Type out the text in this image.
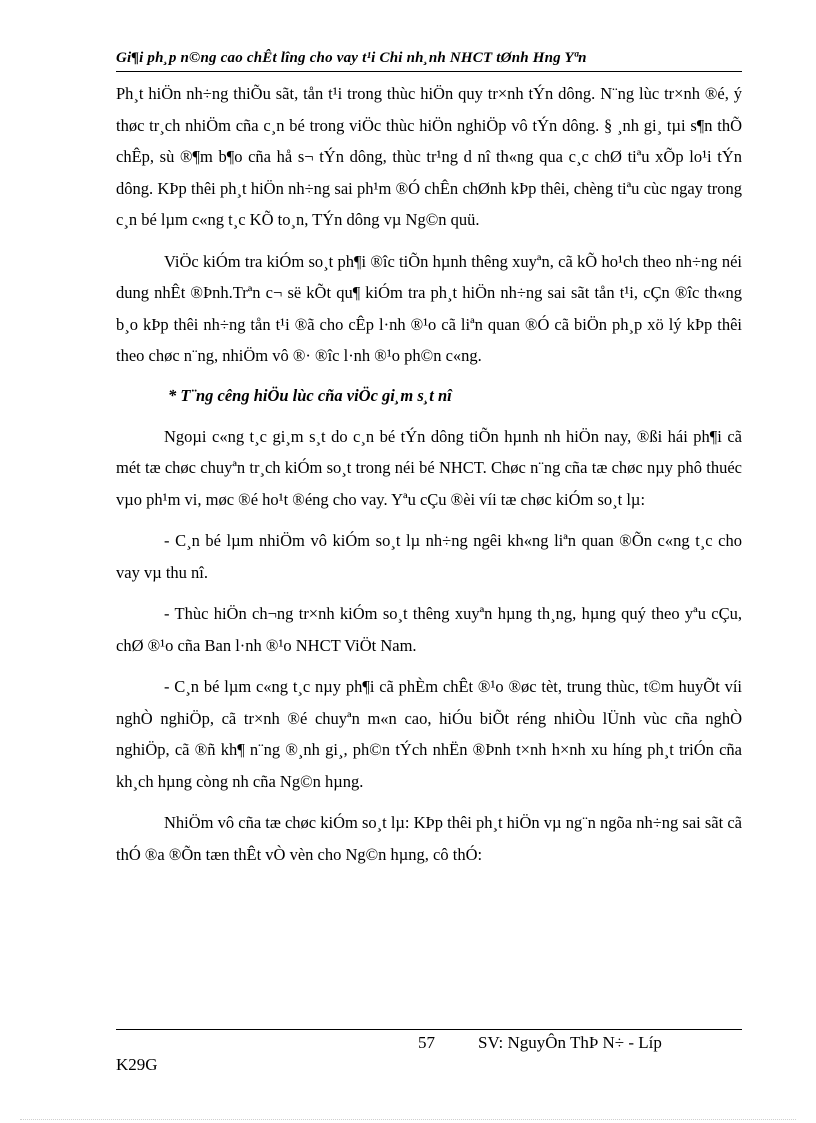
Gi¶i ph¸p n©ng cao chÊt lîng cho vay t¹i Chi nh¸nh NHCT tØnh Hng Yªn

Ph¸t hiÖn nh÷ng thiÕu sãt, tån t¹i trong thùc hiÖn quy tr×nh tÝn dông. N¨ng lùc tr×nh ®é, ý thøc tr¸ch nhiÖm cña c¸n bé trong viÖc thùc hiÖn nghiÖp vô tÝn dông. § ¸nh gi¸ tµi s¶n thÕ chÊp, sù ®¶m b¶o cña hå s¬ tÝn dông, thùc tr¹ng d nî th«ng qua c¸c chØ tiªu xÕp lo¹i tÝn dông. KÞp thêi ph¸t hiÖn nh÷ng sai ph¹m ®Ó chÊn chØnh kÞp thêi, chèng tiªu cùc ngay trong c¸n bé lµm c«ng t¸c KÕ to¸n, TÝn dông vµ Ng©n quü.

ViÖc kiÓm tra kiÓm so¸t ph¶i ®îc tiÕn hµnh thêng xuyªn, cã kÕ ho¹ch theo nh÷ng néi dung nhÊt ®Þnh.Trªn c¬ së kÕt qu¶ kiÓm tra ph¸t hiÖn nh÷ng sai sãt tån t¹i, cÇn ®îc th«ng b¸o kÞp thêi nh÷ng tån t¹i ®ã cho cÊp l·nh ®¹o cã liªn quan ®Ó cã biÖn ph¸p xö lý kÞp thêi theo chøc n¨ng, nhiÖm vô ®· ®îc l·nh ®¹o ph©n c«ng.

* T¨ng cêng hiÖu lùc cña viÖc gi¸m s¸t nî

Ngoµi c«ng t¸c gi¸m s¸t do c¸n bé tÝn dông tiÕn hµnh nh hiÖn nay, ®ßi hái ph¶i cã mét tæ chøc chuyªn tr¸ch kiÓm so¸t trong néi bé NHCT. Chøc n¨ng cña tæ chøc nµy phô thuéc vµo ph¹m vi, møc ®é ho¹t ®éng cho vay. Yªu cÇu ®èi víi tæ chøc kiÓm so¸t lµ:

- C¸n bé lµm nhiÖm vô kiÓm so¸t lµ nh÷ng ngêi kh«ng liªn quan ®Õn c«ng t¸c cho vay vµ thu nî.

- Thùc hiÖn ch¬ng tr×nh kiÓm so¸t thêng xuyªn hµng th¸ng, hµng quý theo yªu cÇu, chØ ®¹o cña Ban l·nh ®¹o NHCT ViÖt Nam.

- C¸n bé lµm c«ng t¸c nµy ph¶i cã phÈm chÊt ®¹o ®øc tèt, trung thùc, t©m huyÕt víi nghÒ nghiÖp, cã tr×nh ®é chuyªn m«n cao, hiÓu biÕt réng nhiÒu lÜnh vùc cña nghÒ nghiÖp, cã ®ñ kh¶ n¨ng ®¸nh gi¸, ph©n tÝch nhËn ®Þnh t×nh h×nh xu híng ph¸t triÓn cña kh¸ch hµng còng nh cña Ng©n hµng.

NhiÖm vô cña tæ chøc kiÓm so¸t lµ: KÞp thêi ph¸t hiÖn vµ ng¨n ngõa nh÷ng sai sãt cã thÓ ®a ®Õn tæn thÊt vÒ vèn cho Ng©n hµng, cô thÓ:

57	SV: NguyÔn ThÞ N÷ - Líp
K29G
